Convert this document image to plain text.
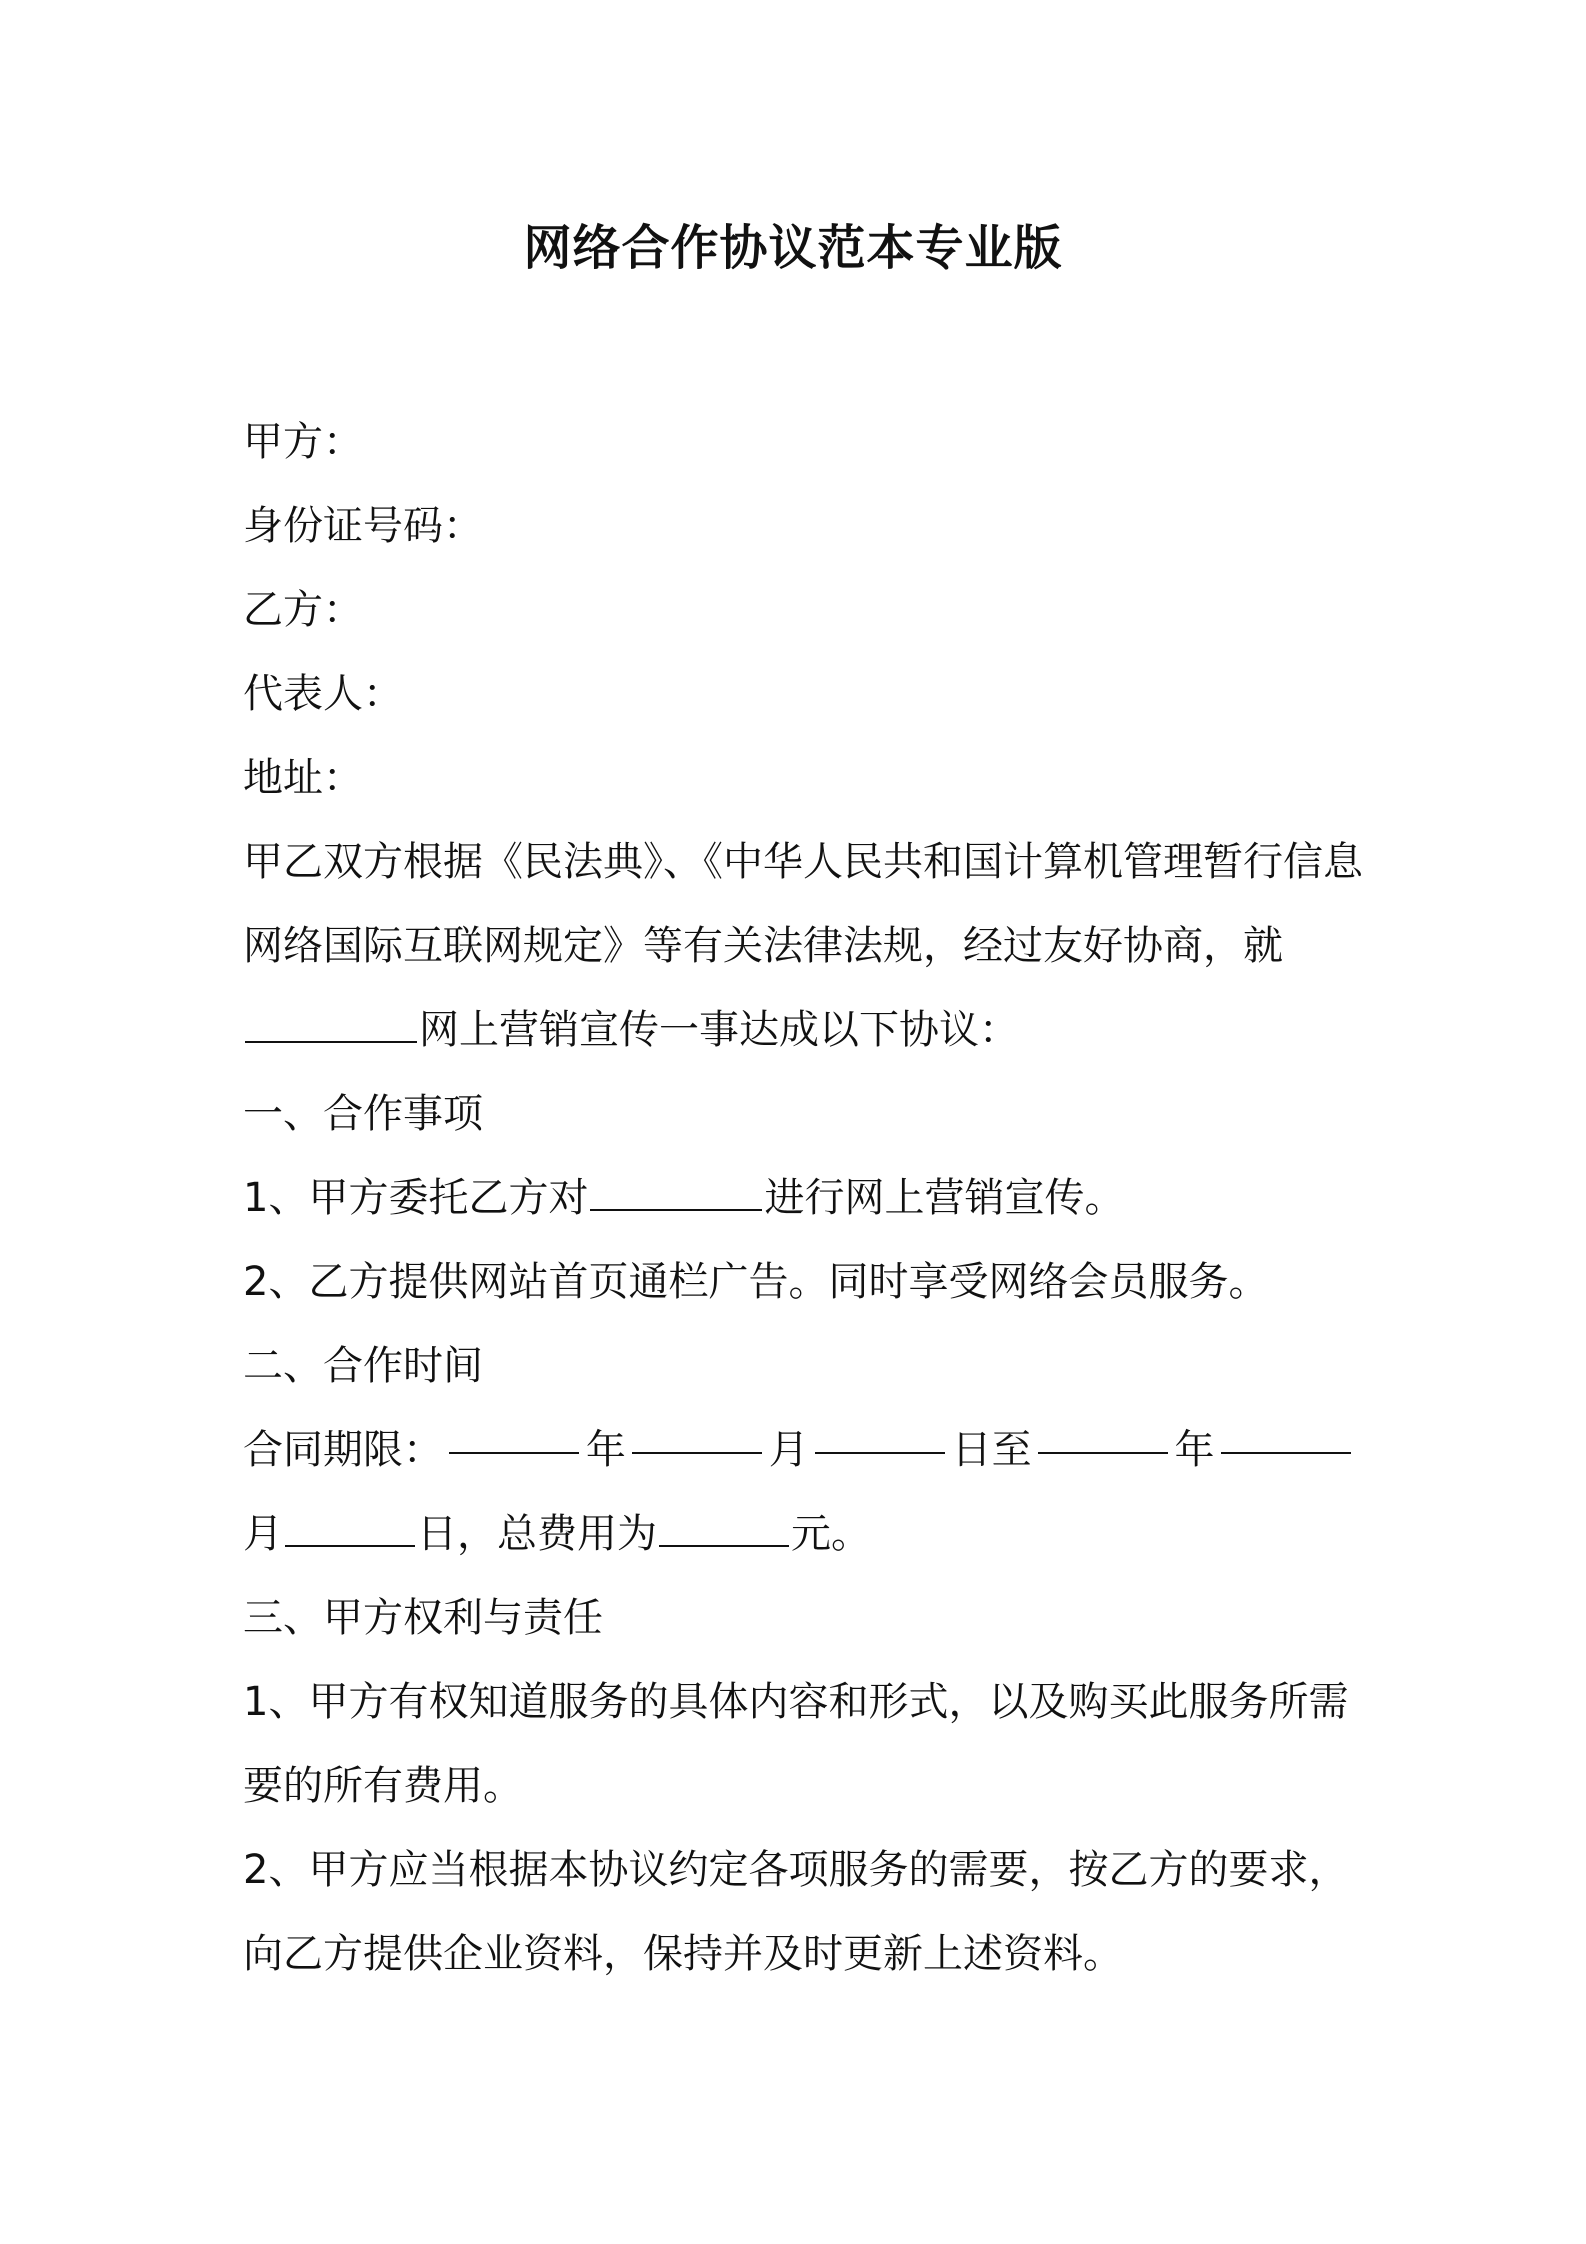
网络合作协议范本专业版
甲方：
身份证号码：
乙方：
代表人：
地址：
甲乙双方根据《民法典》、《中华人民共和国计算机管理暂行信息
网络国际互联网规定》等有关法律法规，经过友好协商，就
网上营销宣传一事达成以下协议：
一、合作事项
1、甲方委托乙方对	进行网上营销宣传。
2、乙方提供网站首页通栏广告。同时享受网络会员服务。
二、合作时间
合同期限：	年	月	日至	年
月	日，总费用为	元。
三、甲方权利与责任
1、甲方有权知道服务的具体内容和形式，以及购买此服务所需
要的所有费用。
2、甲方应当根据本协议约定各项服务的需要，按乙方的要求，
向乙方提供企业资料，保持并及时更新上述资料。
